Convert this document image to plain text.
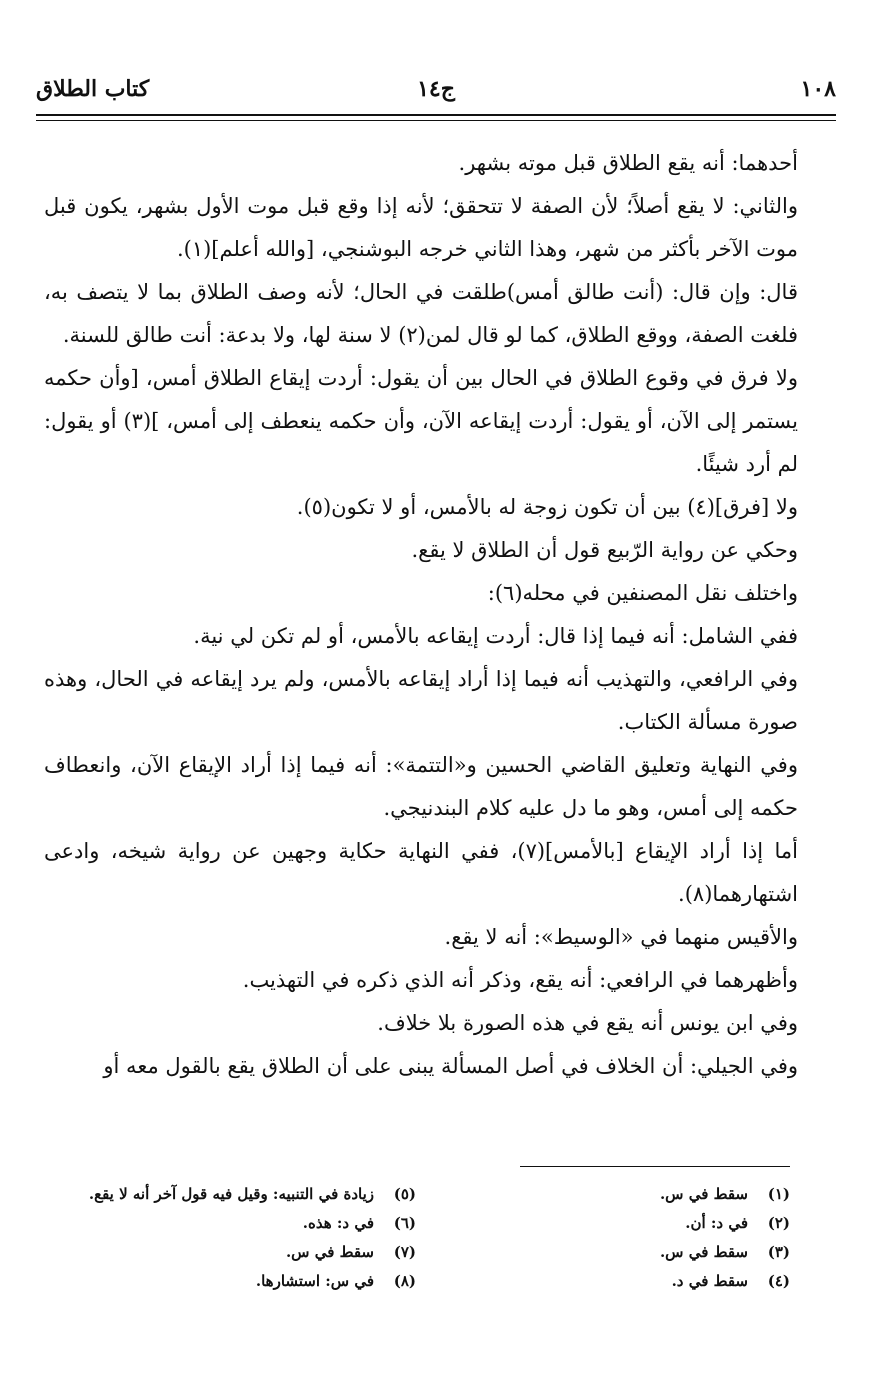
١٠٨
ج١٤
كتاب الطلاق

أحدهما: أنه يقع الطلاق قبل موته بشهر.

والثاني: لا يقع أصلاً؛ لأن الصفة لا تتحقق؛ لأنه إذا وقع قبل موت الأول بشهر، يكون قبل موت الآخر بأكثر من شهر، وهذا الثاني خرجه البوشنجي، [والله أعلم](١).

قال: وإن قال: (أنت طالق أمس)طلقت في الحال؛ لأنه وصف الطلاق بما لا يتصف به، فلغت الصفة، ووقع الطلاق، كما لو قال لمن(٢) لا سنة لها، ولا بدعة: أنت طالق للسنة.

ولا فرق في وقوع الطلاق في الحال بين أن يقول: أردت إيقاع الطلاق أمس، [وأن حكمه يستمر إلى الآن، أو يقول: أردت إيقاعه الآن، وأن حكمه ينعطف إلى أمس، ](٣) أو يقول: لم أرد شيئًا.

ولا [فرق](٤) بين أن تكون زوجة له بالأمس، أو لا تكون(٥).

وحكي عن رواية الرّبيع قول أن الطلاق لا يقع.

واختلف نقل المصنفين في محله(٦):

ففي الشامل: أنه فيما إذا قال: أردت إيقاعه بالأمس، أو لم تكن لي نية.

وفي الرافعي، والتهذيب أنه فيما إذا أراد إيقاعه بالأمس، ولم يرد إيقاعه في الحال، وهذه صورة مسألة الكتاب.

وفي النهاية وتعليق القاضي الحسين و«التتمة»: أنه فيما إذا أراد الإيقاع الآن، وانعطاف حكمه إلى أمس، وهو ما دل عليه كلام البندنيجي.

أما إذا أراد الإيقاع [بالأمس](٧)، ففي النهاية حكاية وجهين عن رواية شيخه، وادعى اشتهارهما(٨).

والأقيس منهما في «الوسيط»: أنه لا يقع.

وأظهرهما في الرافعي: أنه يقع، وذكر أنه الذي ذكره في التهذيب.

وفي ابن يونس أنه يقع في هذه الصورة بلا خلاف.

وفي الجيلي: أن الخلاف في أصل المسألة يبنى على أن الطلاق يقع بالقول معه أو

(١)
سقط في س.
(٢)
في د: أن.
(٣)
سقط في س.
(٤)
سقط في د.
(٥)
زيادة في التنبيه: وقيل فيه قول آخر أنه لا يقع.
(٦)
في د: هذه.
(٧)
سقط في س.
(٨)
في س: استشارها.
